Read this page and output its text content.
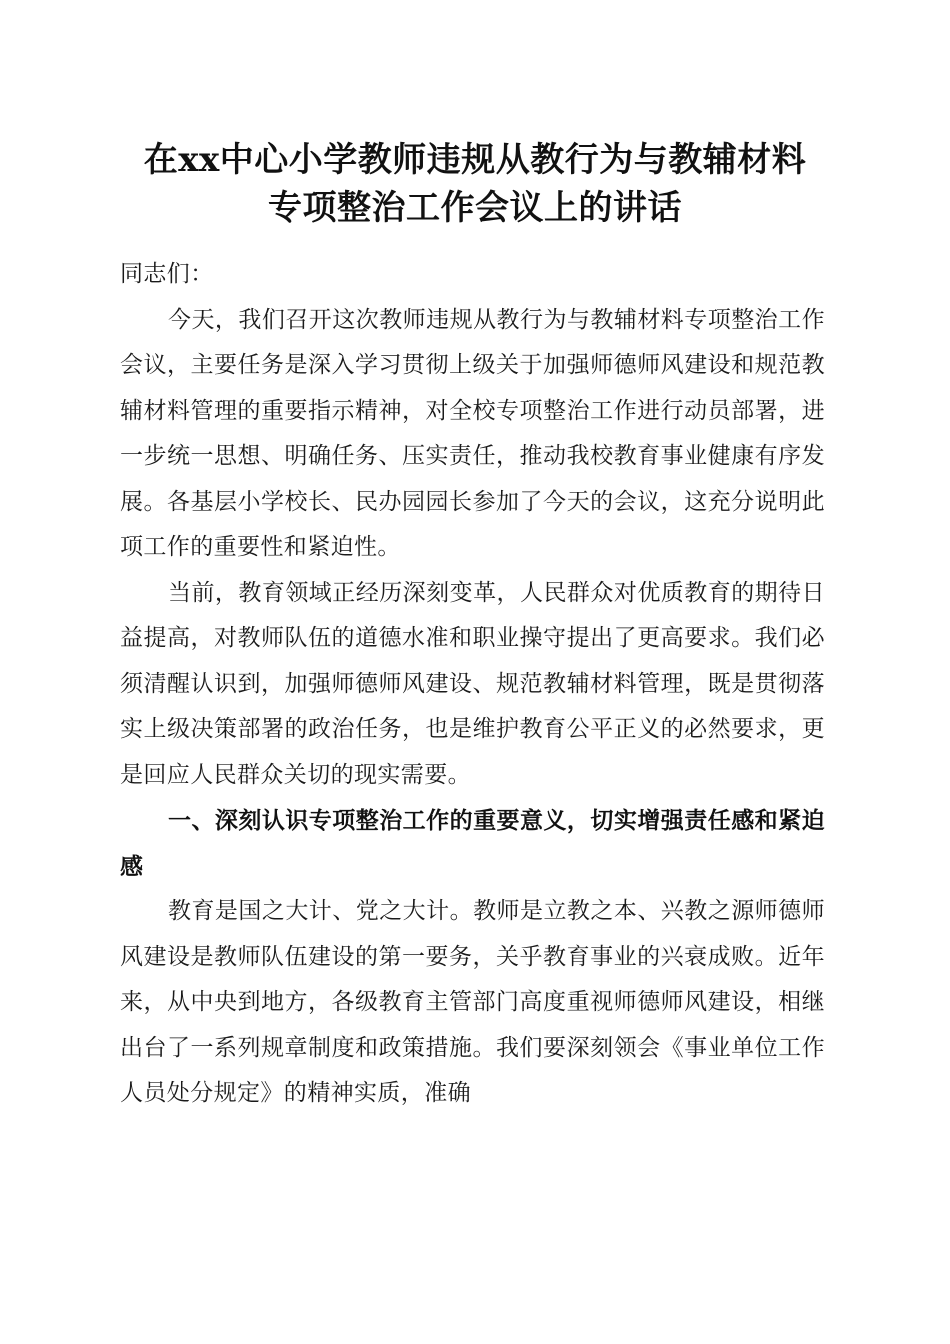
在xx中心小学教师违规从教行为与教辅材料
专项整治工作会议上的讲话

同志们：

今天，我们召开这次教师违规从教行为与教辅材料专项整治工作会议，主要任务是深入学习贯彻上级关于加强师德师风建设和规范教辅材料管理的重要指示精神，对全校专项整治工作进行动员部署，进一步统一思想、明确任务、压实责任，推动我校教育事业健康有序发展。各基层小学校长、民办园园长参加了今天的会议，这充分说明此项工作的重要性和紧迫性。

当前，教育领域正经历深刻变革，人民群众对优质教育的期待日益提高，对教师队伍的道德水准和职业操守提出了更高要求。我们必须清醒认识到，加强师德师风建设、规范教辅材料管理，既是贯彻落实上级决策部署的政治任务，也是维护教育公平正义的必然要求，更是回应人民群众关切的现实需要。

一、深刻认识专项整治工作的重要意义，切实增强责任感和紧迫感

教育是国之大计、党之大计。教师是立教之本、兴教之源师德师风建设是教师队伍建设的第一要务，关乎教育事业的兴衰成败。近年来，从中央到地方，各级教育主管部门高度重视师德师风建设，相继出台了一系列规章制度和政策措施。我们要深刻领会《事业单位工作人员处分规定》的精神实质，准确
